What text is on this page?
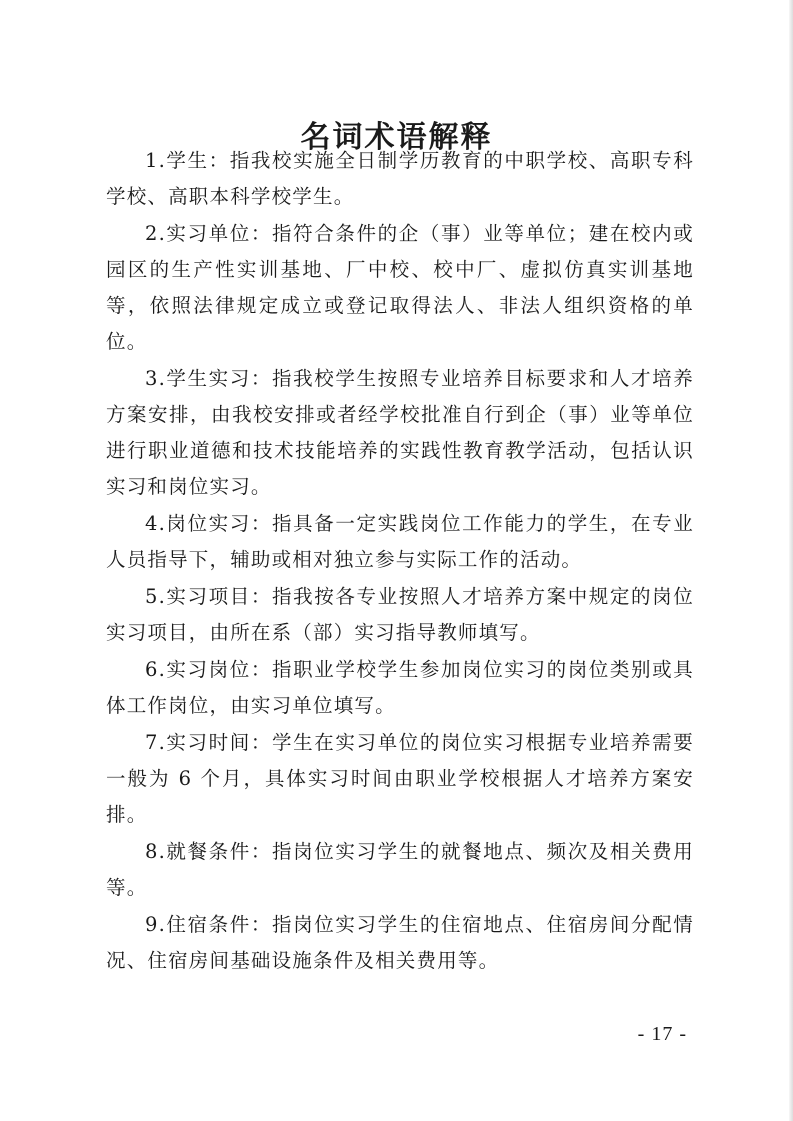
名词术语解释

1.学生：指我校实施全日制学历教育的中职学校、高职专科学校、高职本科学校学生。

2.实习单位：指符合条件的企（事）业等单位；建在校内或园区的生产性实训基地、厂中校、校中厂、虚拟仿真实训基地等，依照法律规定成立或登记取得法人、非法人组织资格的单位。

3.学生实习：指我校学生按照专业培养目标要求和人才培养方案安排，由我校安排或者经学校批准自行到企（事）业等单位进行职业道德和技术技能培养的实践性教育教学活动，包括认识实习和岗位实习。

4.岗位实习：指具备一定实践岗位工作能力的学生，在专业人员指导下，辅助或相对独立参与实际工作的活动。

5.实习项目：指我按各专业按照人才培养方案中规定的岗位实习项目，由所在系（部）实习指导教师填写。

6.实习岗位：指职业学校学生参加岗位实习的岗位类别或具体工作岗位，由实习单位填写。

7.实习时间：学生在实习单位的岗位实习根据专业培养需要一般为 6 个月，具体实习时间由职业学校根据人才培养方案安排。

8.就餐条件：指岗位实习学生的就餐地点、频次及相关费用等。

9.住宿条件：指岗位实习学生的住宿地点、住宿房间分配情况、住宿房间基础设施条件及相关费用等。

- 17 -
